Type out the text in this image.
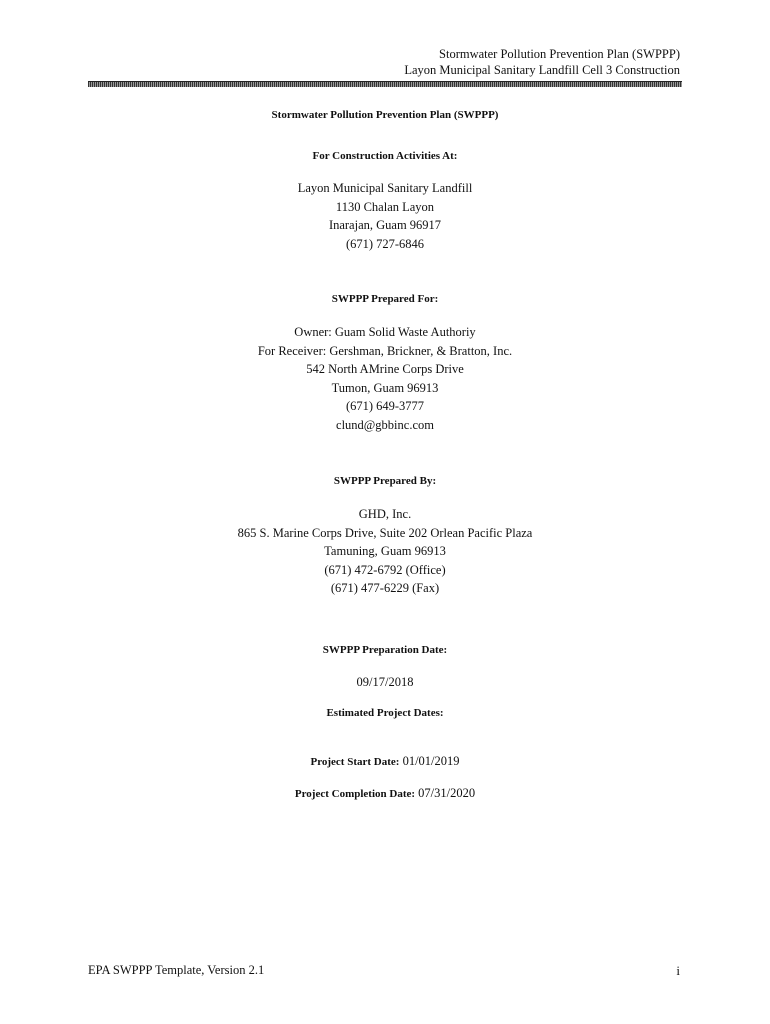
Stormwater Pollution Prevention Plan (SWPPP)
Layon Municipal Sanitary Landfill Cell 3 Construction
Stormwater Pollution Prevention Plan (SWPPP)
For Construction Activities At:
Layon Municipal Sanitary Landfill
1130 Chalan Layon
Inarajan, Guam 96917
(671) 727-6846
SWPPP Prepared For:
Owner: Guam Solid Waste Authoriy
For Receiver: Gershman, Brickner, & Bratton, Inc.
542 North AMrine Corps Drive
Tumon, Guam 96913
(671) 649-3777
clund@gbbinc.com
SWPPP Prepared By:
GHD, Inc.
865 S. Marine Corps Drive, Suite 202 Orlean Pacific Plaza
Tamuning, Guam 96913
(671) 472-6792 (Office)
(671) 477-6229 (Fax)
SWPPP Preparation Date:
09/17/2018
Estimated Project Dates:
Project Start Date: 01/01/2019
Project Completion Date: 07/31/2020
EPA SWPPP Template, Version 2.1	i
